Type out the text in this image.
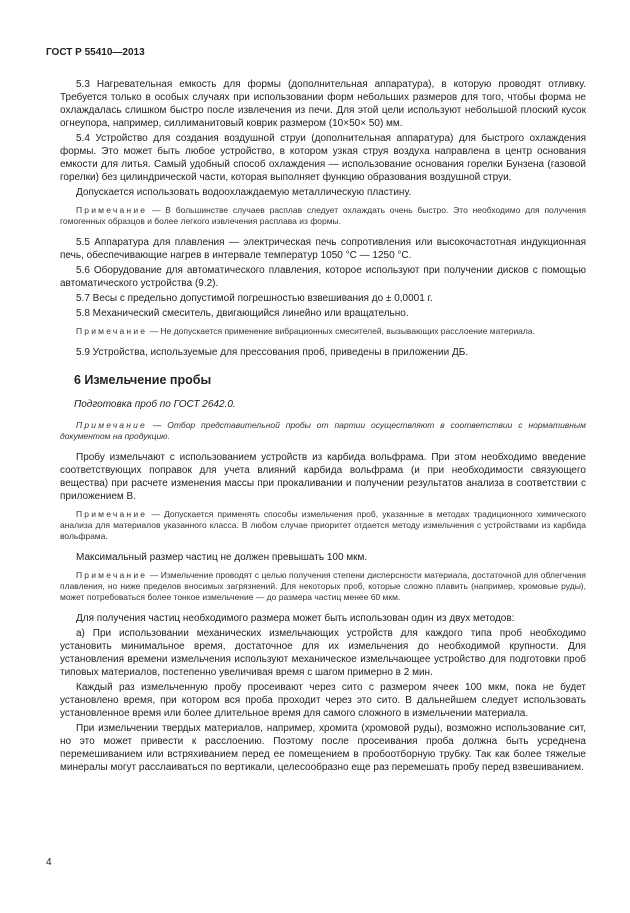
ГОСТ Р 55410—2013

5.3 Нагревательная емкость для формы (дополнительная аппаратура), в которую проводят отливку. Требуется только в особых случаях при использовании форм небольших размеров для того, чтобы форма не охлаждалась слишком быстро после извлечения из печи. Для этой цели используют небольшой плоский кусок огнеупора, например, силлиманитовый коврик размером (10×50× 50) мм.

5.4 Устройство для создания воздушной струи (дополнительная аппаратура) для быстрого охлаждения формы. Это может быть любое устройство, в котором узкая струя воздуха направлена в центр основания емкости для литья. Самый удобный способ охлаждения — использование основания горелки Бунзена (газовой горелки) без цилиндрической части, которая выполняет функцию образования воздушной струи.

Допускается использовать водоохлаждаемую металлическую пластину.

Примечание — В большинстве случаев расплав следует охлаждать очень быстро. Это необходимо для получения гомогенных образцов и более легкого извлечения расплава из формы.

5.5 Аппаратура для плавления — электрическая печь сопротивления или высокочастотная индукционная печь, обеспечивающие нагрев в интервале температур 1050 °C — 1250 °C.

5.6 Оборудование для автоматического плавления, которое используют при получении дисков с помощью автоматического устройства (9.2).

5.7 Весы с предельно допустимой погрешностью взвешивания до ± 0,0001 г.

5.8 Механический смеситель, двигающийся линейно или вращательно.

Примечание — Не допускается применение вибрационных смесителей, вызывающих расслоение материала.

5.9 Устройства, используемые для прессования проб, приведены в приложении ДБ.

6 Измельчение пробы
Подготовка проб по ГОСТ 2642.0.

Примечание — Отбор представительной пробы от партии осуществляют в соответствии с нормативным документом на продукцию.

Пробу измельчают с использованием устройств из карбида вольфрама. При этом необходимо введение соответствующих поправок для учета влияний карбида вольфрама (и при необходимости связующего вещества) при расчете изменения массы при прокаливании и получении результатов анализа в соответствии с приложением В.

Примечание — Допускается применять способы измельчения проб, указанные в методах традиционного химического анализа для материалов указанного класса. В любом случае приоритет отдается методу измельчения с устройствами из карбида вольфрама.

Максимальный размер частиц не должен превышать 100 мкм.

Примечание — Измельчение проводят с целью получения степени дисперсности материала, достаточной для облегчения плавления, но ниже пределов вносимых загрязнений. Для некоторых проб, которые сложно плавить (например, хромовые руды), может потребоваться более тонкое измельчение — до размера частиц менее 60 мкм.

Для получения частиц необходимого размера может быть использован один из двух методов:

а) При использовании механических измельчающих устройств для каждого типа проб необходимо установить минимальное время, достаточное для их измельчения до необходимой крупности. Для установления времени измельчения используют механическое измельчающее устройство для подготовки проб типовых материалов, постепенно увеличивая время с шагом примерно в 2 мин.

Каждый раз измельченную пробу просеивают через сито с размером ячеек 100 мкм, пока не будет установлено время, при котором вся проба проходит через это сито. В дальнейшем следует использовать установленное время или более длительное время для самого сложного в измельчении материала.

При измельчении твердых материалов, например, хромита (хромовой руды), возможно использование сит, но это может привести к расслоению. Поэтому после просеивания проба должна быть усреднена перемешиванием или встряхиванием перед ее помещением в пробоотборную трубку. Так как более тяжелые минералы могут расслаиваться по вертикали, целесообразно еще раз перемешать пробу перед взвешиванием.

4
